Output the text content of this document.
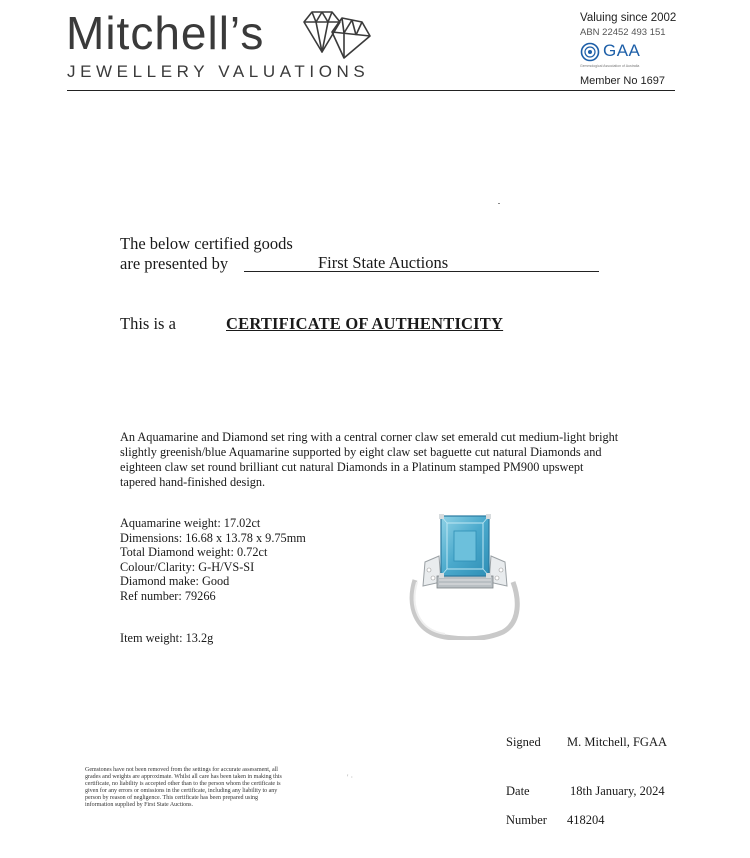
Mitchell’s
JEWELLERY VALUATIONS
Valuing since 2002
ABN 22452 493 151
GAA
Gemmological Association of Australia
Member No 1697
The below certified goods
are presented by	First State Auctions
This is a	CERTIFICATE OF AUTHENTICITY
An Aquamarine and Diamond set ring with a central corner claw set emerald cut medium-light bright slightly greenish/blue Aquamarine supported by eight claw set baguette cut natural Diamonds and eighteen claw set round brilliant cut natural Diamonds in a Platinum stamped PM900 upswept tapered hand-finished design.
Aquamarine weight: 17.02ct
Dimensions: 16.68 x 13.78 x 9.75mm
Total Diamond weight: 0.72ct
Colour/Clarity: G-H/VS-SI
Diamond make: Good
Ref number: 79266
Item weight: 13.2g
Signed M. Mitchell, FGAA
Date	18th January, 2024
Number 418204
Gemstones have not been removed from the settings for accurate assessment, all grades and weights are approximate. Whilst all care has been taken in making this certificate, no liability is accepted other than to the person whom the certificate is given for any errors or omissions in the certificate, including any liability to any person by reason of negligence. This certificate has been prepared using information supplied by First State Auctions.
' ·
